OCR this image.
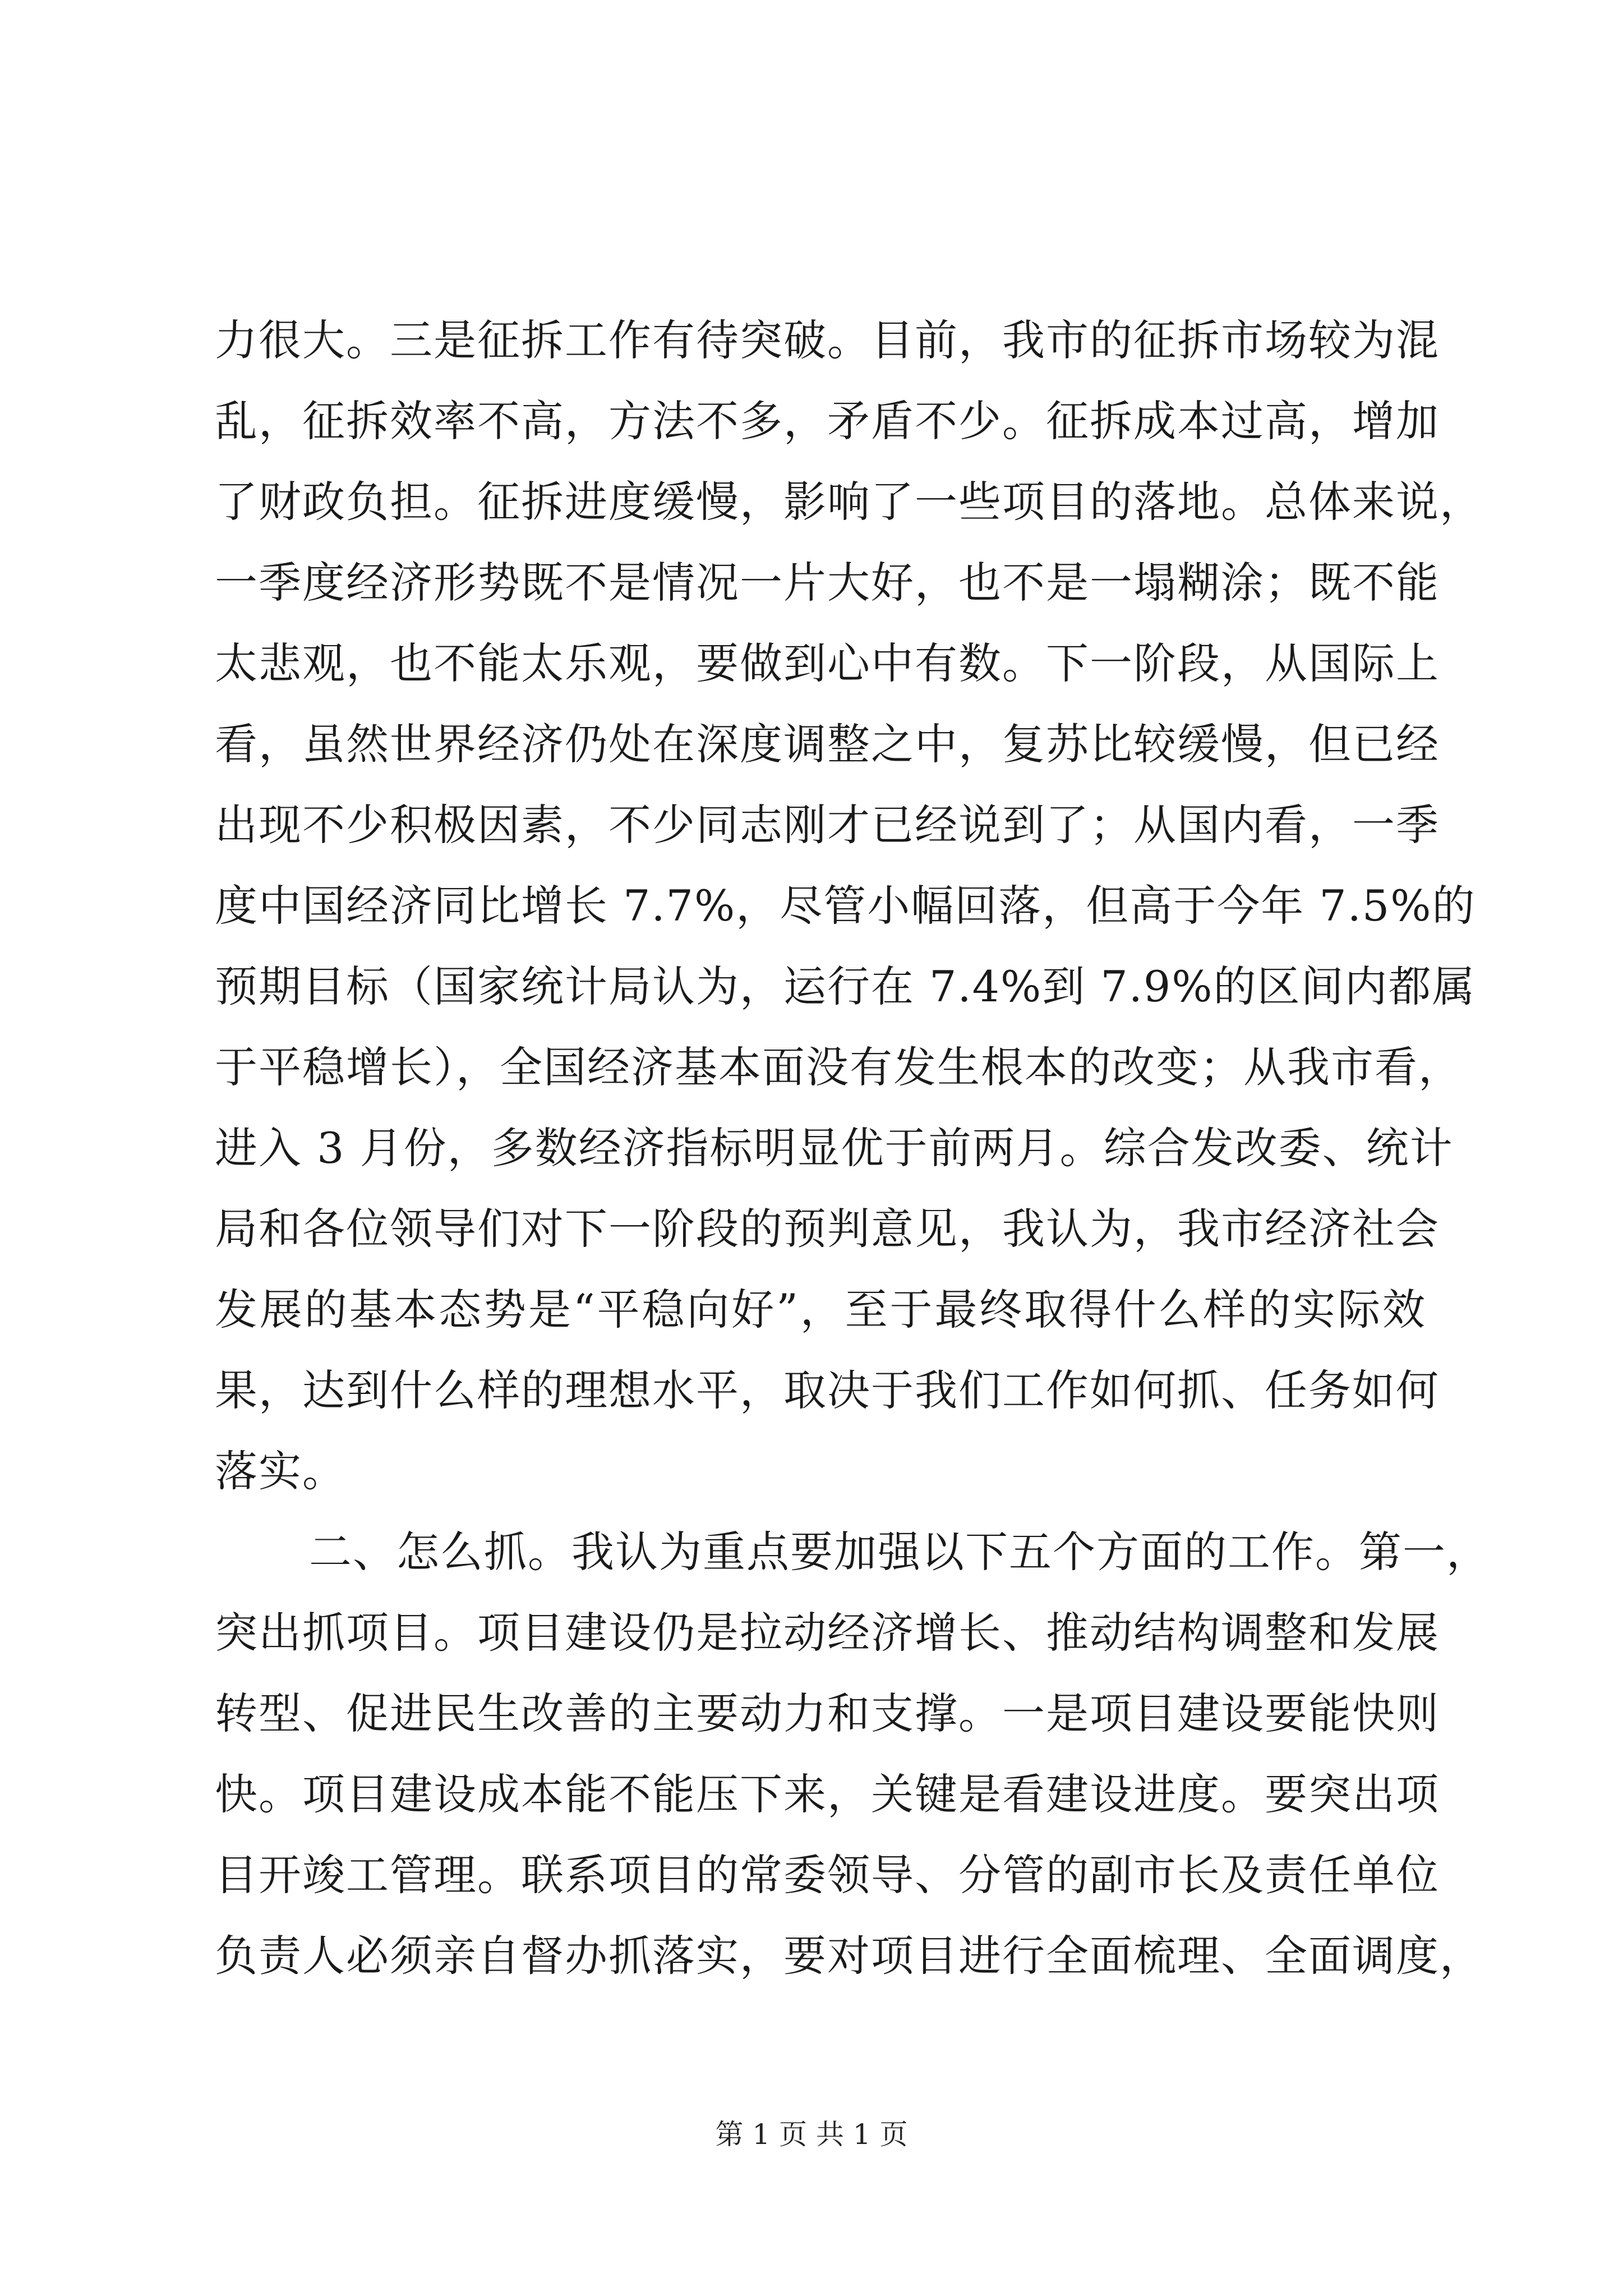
力很大。三是征拆工作有待突破。目前，我市的征拆市场较为混
乱，征拆效率不高，方法不多，矛盾不少。征拆成本过高，增加
了财政负担。征拆进度缓慢，影响了一些项目的落地。总体来说，
一季度经济形势既不是情况一片大好，也不是一塌糊涂；既不能
太悲观，也不能太乐观，要做到心中有数。下一阶段，从国际上
看，虽然世界经济仍处在深度调整之中，复苏比较缓慢，但已经
出现不少积极因素，不少同志刚才已经说到了；从国内看，一季
度中国经济同比增长 7.7%，尽管小幅回落，但高于今年 7.5%的
预期目标（国家统计局认为，运行在 7.4%到 7.9%的区间内都属
于平稳增长），全国经济基本面没有发生根本的改变；从我市看，
进入 3 月份，多数经济指标明显优于前两月。综合发改委、统计
局和各位领导们对下一阶段的预判意见，我认为，我市经济社会
发展的基本态势是“平稳向好”，至于最终取得什么样的实际效
果，达到什么样的理想水平，取决于我们工作如何抓、任务如何
落实。
二、怎么抓。我认为重点要加强以下五个方面的工作。第一，
突出抓项目。项目建设仍是拉动经济增长、推动结构调整和发展
转型、促进民生改善的主要动力和支撑。一是项目建设要能快则
快。项目建设成本能不能压下来，关键是看建设进度。要突出项
目开竣工管理。联系项目的常委领导、分管的副市长及责任单位
负责人必须亲自督办抓落实，要对项目进行全面梳理、全面调度，
第 1 页 共 1 页
